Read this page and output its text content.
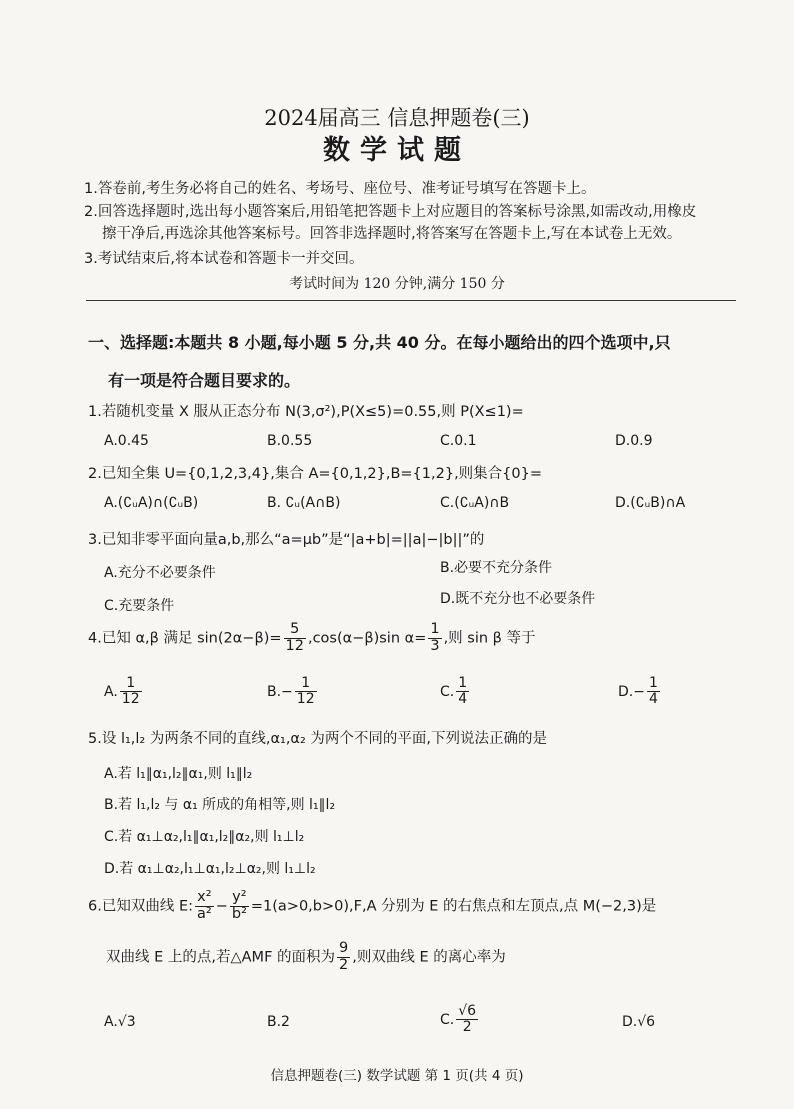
2024届高三 信息押题卷(三)
数学试题
1.答卷前,考生务必将自己的姓名、考场号、座位号、准考证号填写在答题卡上。
2.回答选择题时,选出每小题答案后,用铅笔把答题卡上对应题目的答案标号涂黑,如需改动,用橡皮
擦干净后,再选涂其他答案标号。回答非选择题时,将答案写在答题卡上,写在本试卷上无效。
3.考试结束后,将本试卷和答题卡一并交回。
考试时间为 120 分钟,满分 150 分
一、选择题:本题共 8 小题,每小题 5 分,共 40 分。在每小题给出的四个选项中,只
有一项是符合题目要求的。
1.若随机变量 X 服从正态分布 N(3,σ²),P(X≤5)=0.55,则 P(X≤1)=
A.0.45	B.0.55	C.0.1	D.0.9
2.已知全集 U={0,1,2,3,4},集合 A={0,1,2},B={1,2},则集合{0}=
A.(∁ᵤA)∩(∁ᵤB)	B. ∁ᵤ(A∩B)	C.(∁ᵤA)∩B	D.(∁ᵤB)∩A
3.已知非零平面向量a,b,那么“a=μb”是“|a+b|=||a|−|b||”的
A.充分不必要条件	B.必要不充分条件
C.充要条件	D.既不充分也不必要条件
4.已知 α,β 满足 $\sin(2\alpha-\beta)= \frac{5}{12} ,\cos(\alpha-\beta)\sin$ $\alpha= \frac{1}{3}$ ,则 sin β 等于
A. $\frac{1}{12}$	$B.- \frac{1}{12}$	C. $\frac{1}{4}$	$D.- \frac{1}{4}$
5.设 l₁,l₂ 为两条不同的直线,α₁,α₂ 为两个不同的平面,下列说法正确的是
A.若 l₁∥α₁,l₂∥α₁,则 l₁∥l₂
B.若 l₁,l₂ 与 α₁ 所成的角相等,则 l₁∥l₂
C.若 α₁⊥α₂,l₁∥α₁,l₂∥α₂,则 l₁⊥l₂
D.若 α₁⊥α₂,l₁⊥α₁,l₂⊥α₂,则 l₁⊥l₂
6.已知双曲线 E: $\frac{\text{x²}}{\text{a²}} - \frac{\text{y²}}{\text{b²}} =1(a>0,b>0),F,A$ 分别为 E 的右焦点和左顶点,点 M(−2,3)是
双曲线 E 上的点,若△AMF 的面积为 $\frac{9}{2}$ ,则双曲线 E 的离心率为
A.√3	B.2	C. $\frac{√6}{2}$	D.√6
信息押题卷(三) 数学试题 第 1 页(共 4 页)
